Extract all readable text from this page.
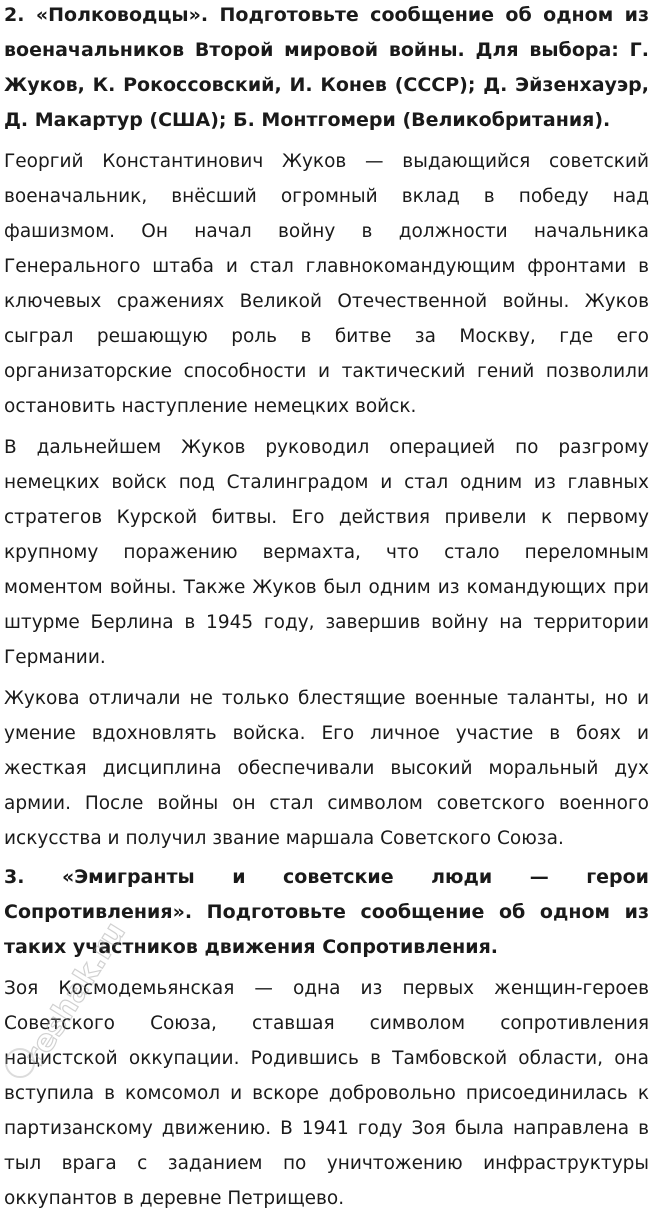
2. «Полководцы». Подготовьте сообщение об одном из военачальников Второй мировой войны. Для выбора: Г. Жуков, К. Рокоссовский, И. Конев (СССР); Д. Эйзенхауэр, Д. Макартур (США); Б. Монтгомери (Великобритания).

Георгий Константинович Жуков — выдающийся советский военачальник, внёсший огромный вклад в победу над фашизмом. Он начал войну в должности начальника Генерального штаба и стал главнокомандующим фронтами в ключевых сражениях Великой Отечественной войны. Жуков сыграл решающую роль в битве за Москву, где его организаторские способности и тактический гений позволили остановить наступление немецких войск.

В дальнейшем Жуков руководил операцией по разгрому немецких войск под Сталинградом и стал одним из главных стратегов Курской битвы. Его действия привели к первому крупному поражению вермахта, что стало переломным моментом войны. Также Жуков был одним из командующих при штурме Берлина в 1945 году, завершив войну на территории Германии.

Жукова отличали не только блестящие военные таланты, но и умение вдохновлять войска. Его личное участие в боях и жесткая дисциплина обеспечивали высокий моральный дух армии. После войны он стал символом советского военного искусства и получил звание маршала Советского Союза.

3. «Эмигранты и советские люди — герои Сопротивления». Подготовьте сообщение об одном из таких участников движения Сопротивления.

Зоя Космодемьянская — одна из первых женщин-героев Советского Союза, ставшая символом сопротивления нацистской оккупации. Родившись в Тамбовской области, она вступила в комсомол и вскоре добровольно присоединилась к партизанскому движению. В 1941 году Зоя была направлена в тыл врага с заданием по уничтожению инфраструктуры оккупантов в деревне Петрищево.

reshak.ru
